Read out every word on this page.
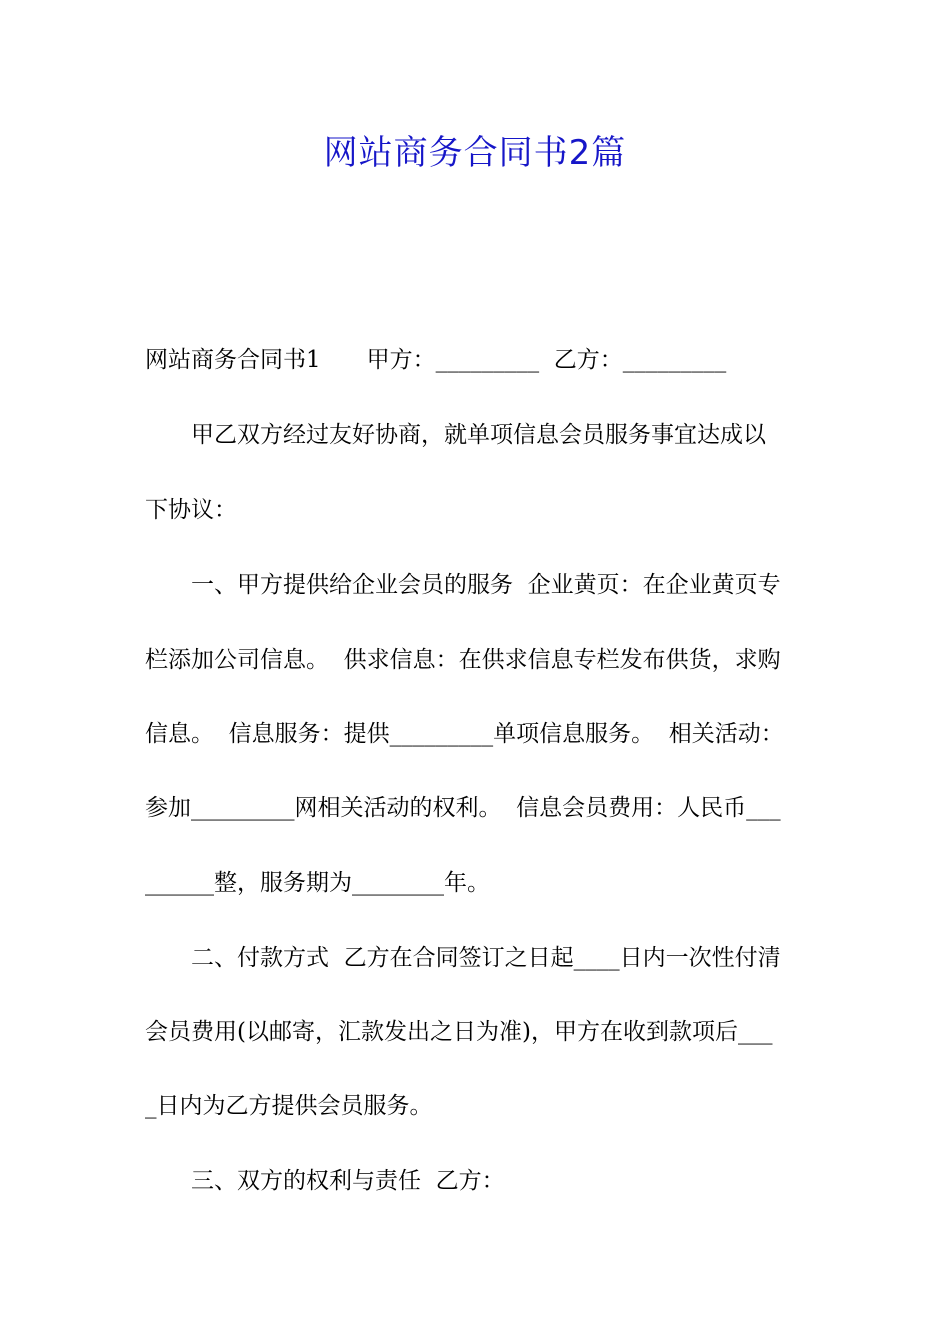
网站商务合同书2篇
网站商务合同书1　　甲方：_________  乙方：_________
　　甲乙双方经过友好协商，就单项信息会员服务事宜达成以
下协议：
　　一、甲方提供给企业会员的服务  企业黄页：在企业黄页专
栏添加公司信息。  供求信息：在供求信息专栏发布供货，求购
信息。  信息服务：提供_________单项信息服务。  相关活动：
参加_________网相关活动的权利。  信息会员费用：人民币___
______整，服务期为________年。
　　二、付款方式  乙方在合同签订之日起____日内一次性付清
会员费用(以邮寄，汇款发出之日为准)，甲方在收到款项后___
_日内为乙方提供会员服务。
　　三、双方的权利与责任  乙方：
